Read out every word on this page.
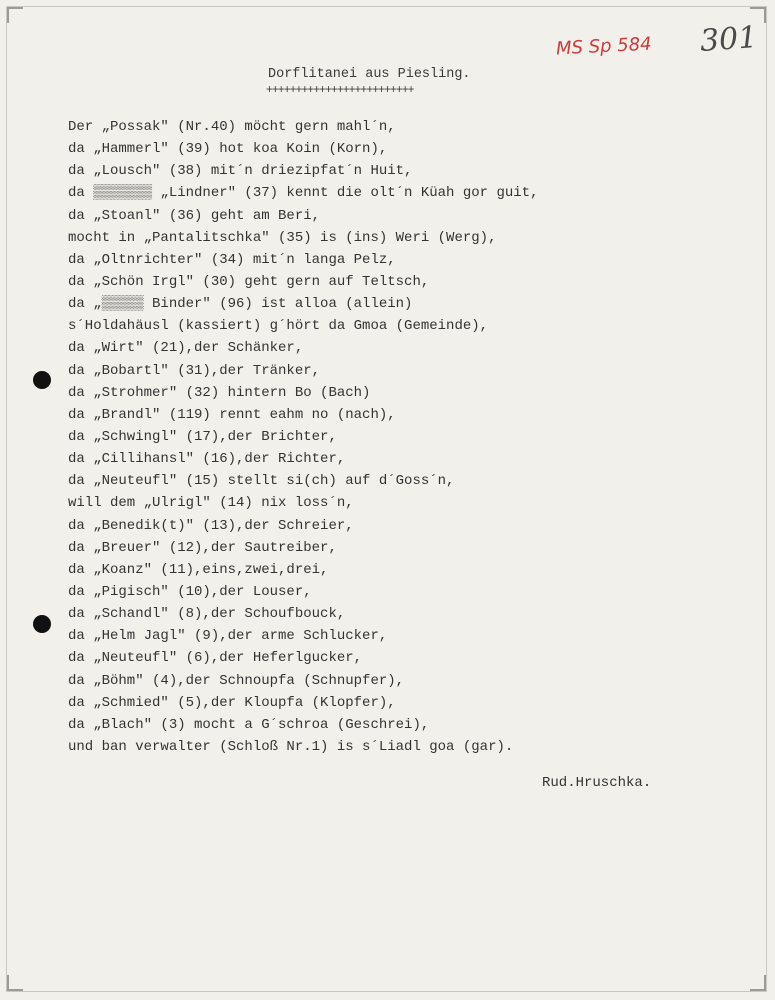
MS Sp 584 301
Dorflitanei aus Piesling.
+++++++++++++++++++++++++
Der „Possak" (Nr.40) möcht gern mahl´n,
da „Hammerl" (39) hot koa Koin (Korn),
da „Lousch" (38) mit´n driezipfat´n Huit,
da ▒▒▒▒▒▒▒ „Lindner" (37) kennt die olt´n Küah gor guit,
da „Stoanl" (36) geht am Beri,
mocht in „Pantalitschka" (35) is (ins) Weri (Werg),
da „Oltnrichter" (34) mit´n langa Pelz,
da „Schön Irgl" (30) geht gern auf Teltsch,
da „▒▒▒▒▒ Binder" (96) ist alloa (allein)
s´Holdahäusl (kassiert) g´hört da Gmoa (Gemeinde),
da „Wirt" (21),der Schänker,
da „Bobartl" (31),der Tränker,
da „Strohmer" (32) hintern Bo (Bach)
da „Brandl" (119) rennt eahm no (nach),
da „Schwingl" (17),der Brichter,
da „Cillihansl" (16),der Richter,
da „Neuteufl" (15) stellt si(ch) auf d´Goss´n,
will dem „Ulrigl" (14) nix loss´n,
da „Benedik(t)" (13),der Schreier,
da „Breuer" (12),der Sautreiber,
da „Koanz" (11),eins,zwei,drei,
da „Pigisch" (10),der Louser,
da „Schandl" (8),der Schoufbouck,
da „Helm Jagl" (9),der arme Schlucker,
da „Neuteufl" (6),der Heferlgucker,
da „Böhm" (4),der Schnoupfa (Schnupfer),
da „Schmied" (5),der Kloupfa (Klopfer),
da „Blach" (3) mocht a G´schroa (Geschrei),
und ban verwalter (Schloß Nr.1) is s´Liadl goa (gar).
Rud.Hruschka.
